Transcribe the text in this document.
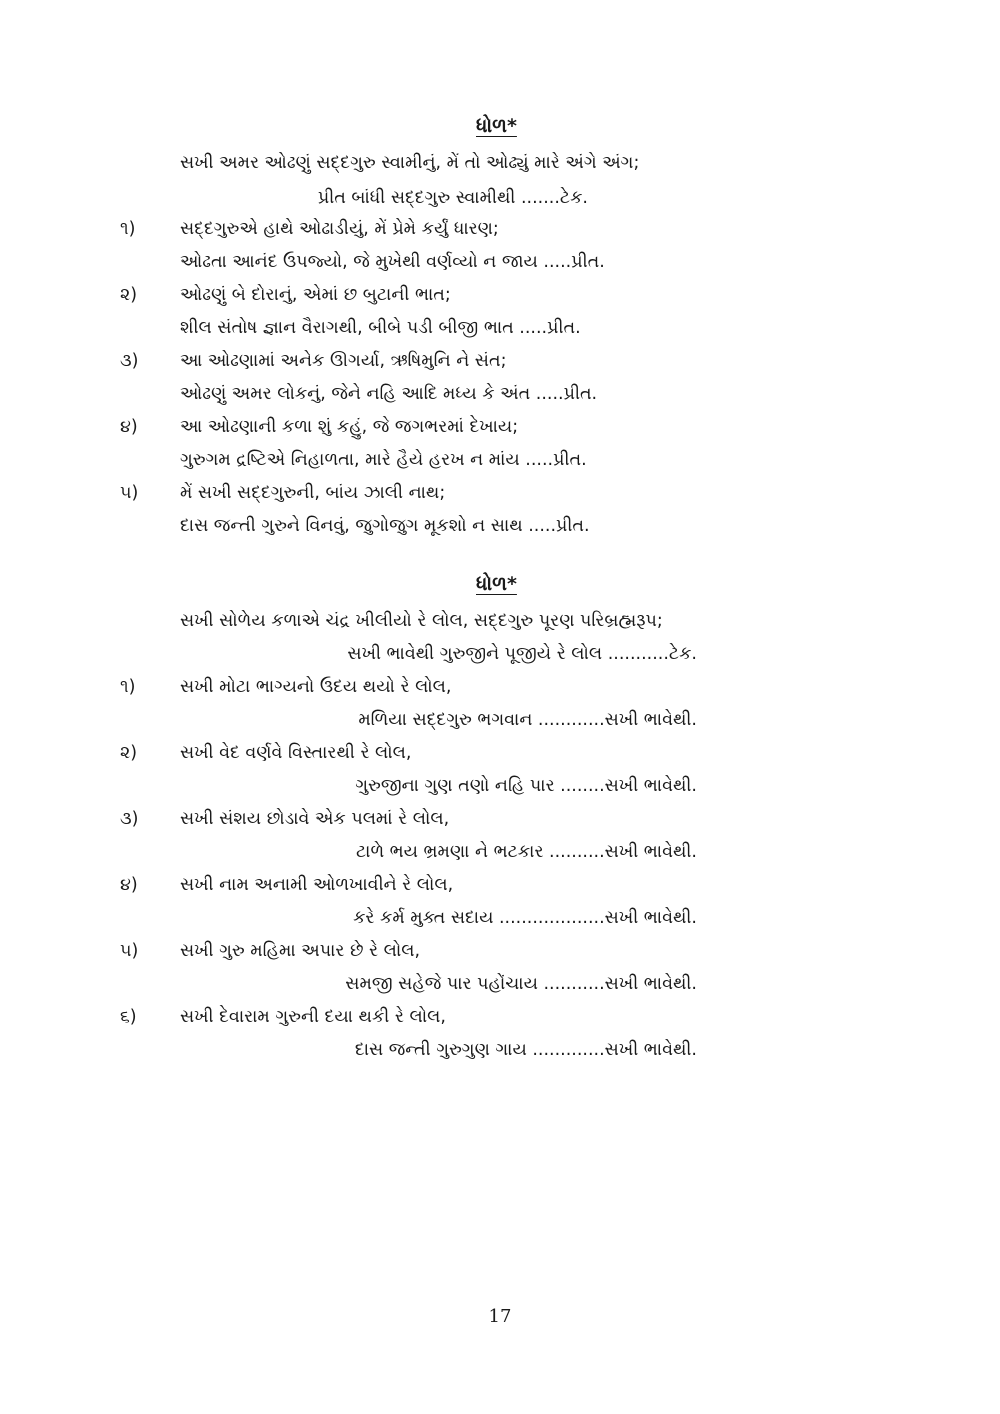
ધોળ*
સખી અમર ઓઢણું સદ્દગુરુ સ્વામીનું, મેં તો ઓઢ્યું મારે અંગે અંગ;
પ્રીત બાંધી સદ્દગુરુ સ્વામીથી .......ટેક.
૧)	સદ્દગુરુએ હાથે ઓઢાડીયું, મેં પ્રેમે કર્યું ધારણ;
ઓઢતા આનંદ ઉપજ્યો, જે મુખેથી વર્ણવ્યો ન જાય .....પ્રીત.
૨) ઓઢણું બે દોરાનું, એમાં છ બુટાની ભાત;
શીલ સંતોષ જ્ઞાન વૈરાગથી, બીબે પડી બીજી ભાત .....પ્રીત.
૩) આ ઓઢણામાં અનેક ઊગર્યા, ઋષિમુનિ ને સંત;
ઓઢણું અમર લોકનું, જેને નહિ આદિ મધ્ય કે અંત .....પ્રીત.
૪) આ ઓઢણાની કળા શું કહું, જે જગભરમાં દેખાય;
ગુરુગમ દ્રષ્ટિએ નિહાળતા, મારે હૈયે હરખ ન માંય .....પ્રીત.
૫) મેં સખી સદ્દગુરુની, બાંય ઝાલી નાથ;
દાસ જન્તી ગુરુને વિનવું, જુગોજુગ મૂકશો ન સાથ .....પ્રીત.
ધોળ*
સખી સોળેય કળાએ ચંદ્ર ખીલીયો રે લોલ, સદ્દગુરુ પૂરણ પરિબ્રહ્મરૂપ;
સખી ભાવેથી ગુરુજીને પૂજીયે રે લોલ ...........ટેક.
૧)	સખી મોટા ભાગ્યનો ઉદય થયો રે લોલ,
મળિયા સદ્દગુરુ ભગવાન ............સખી ભાવેથી.
૨) સખી વેદ વર્ણવે વિસ્તારથી રે લોલ,
ગુરુજીના ગુણ તણો નહિ પાર ........સખી ભાવેથી.
૩) સખી સંશય છોડાવે એક પલમાં રે લોલ,
ટાળે ભય ભ્રમણા ને ભટકાર ..........સખી ભાવેથી.
૪) સખી નામ અનામી ઓળખાવીને રે લોલ,
કરે કર્મ મુક્ત સદાય ...................સખી ભાવેથી.
૫) સખી ગુરુ મહિમા અપાર છે રે લોલ,
સમજી સહેજે પાર પહોંચાય ...........સખી ભાવેથી.
૬) સખી દેવારામ ગુરુની દયા થકી રે લોલ,
દાસ જન્તી ગુરુગુણ ગાય .............સખી ભાવેથી.
17
